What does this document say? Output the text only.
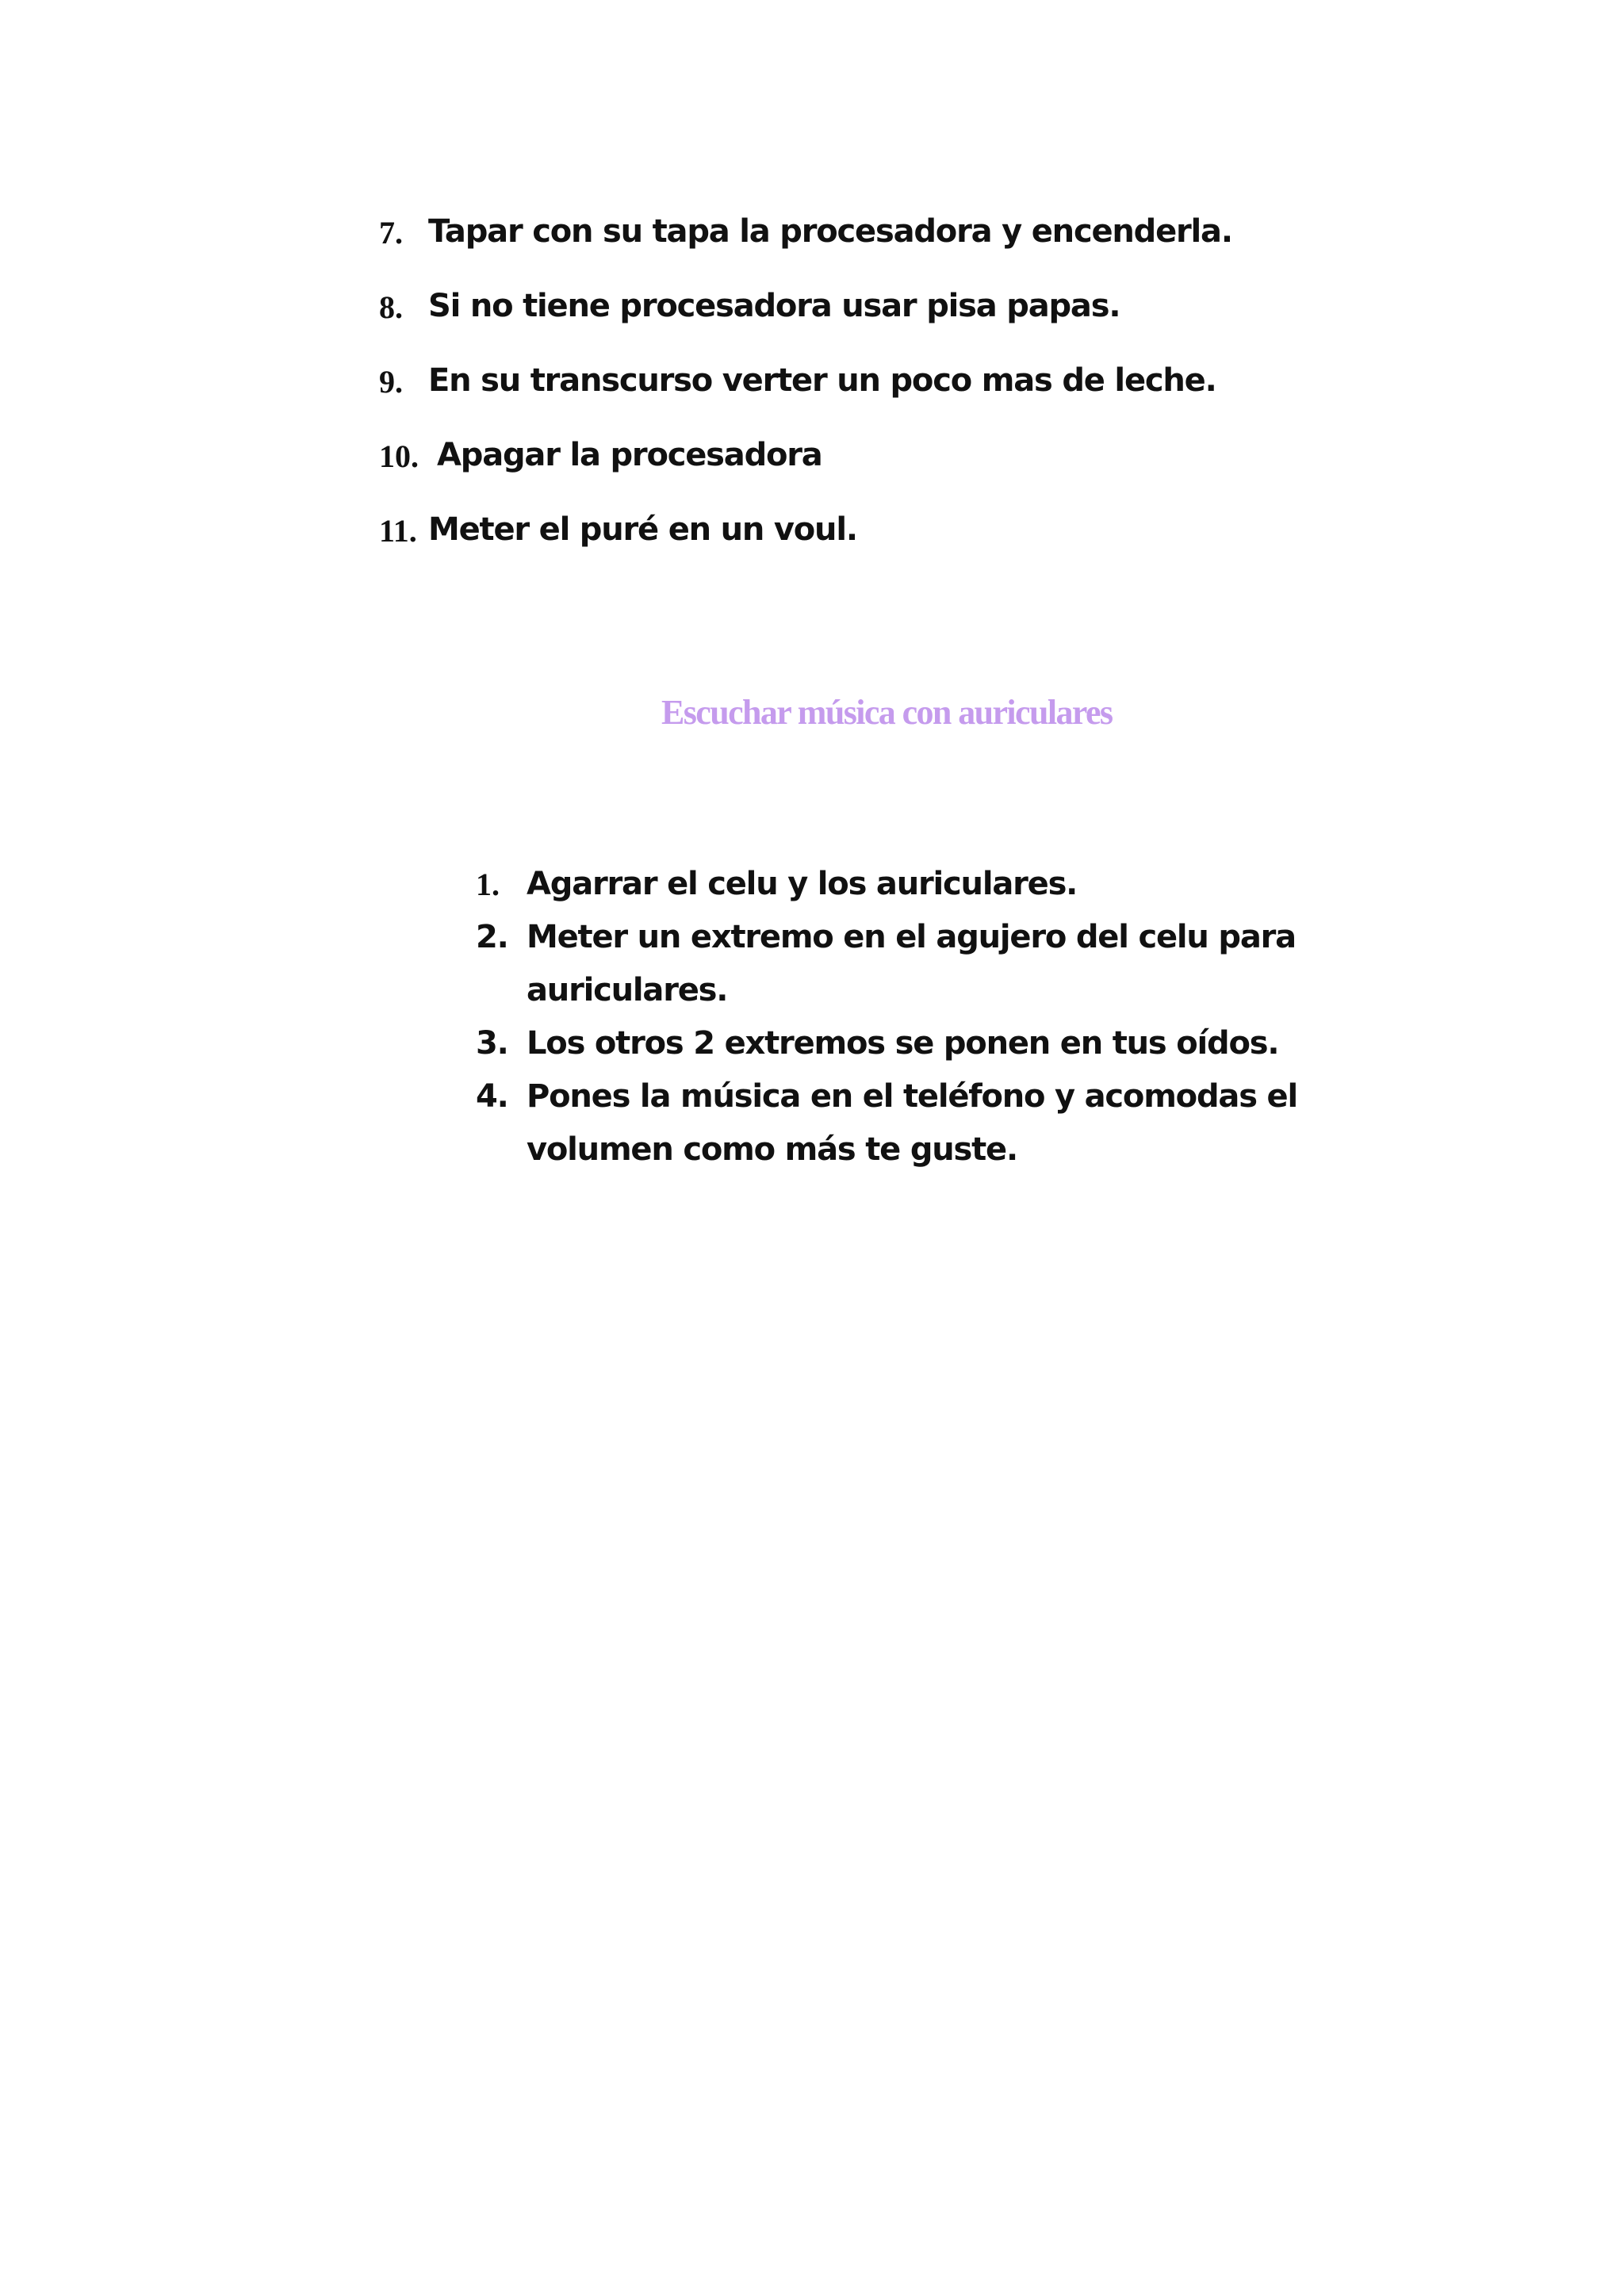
7. Tapar con su tapa la procesadora y encenderla.
8. Si no tiene procesadora usar pisa papas.
9. En su transcurso verter un poco mas de leche.
10. Apagar la procesadora
11. Meter el puré en un voul.
Escuchar música con auriculares
1. Agarrar el celu y los auriculares.
2. Meter un extremo en el agujero del celu para auriculares.
3. Los otros 2 extremos se ponen en tus oídos.
4. Pones la música en el teléfono y acomodas el volumen como más te guste.
